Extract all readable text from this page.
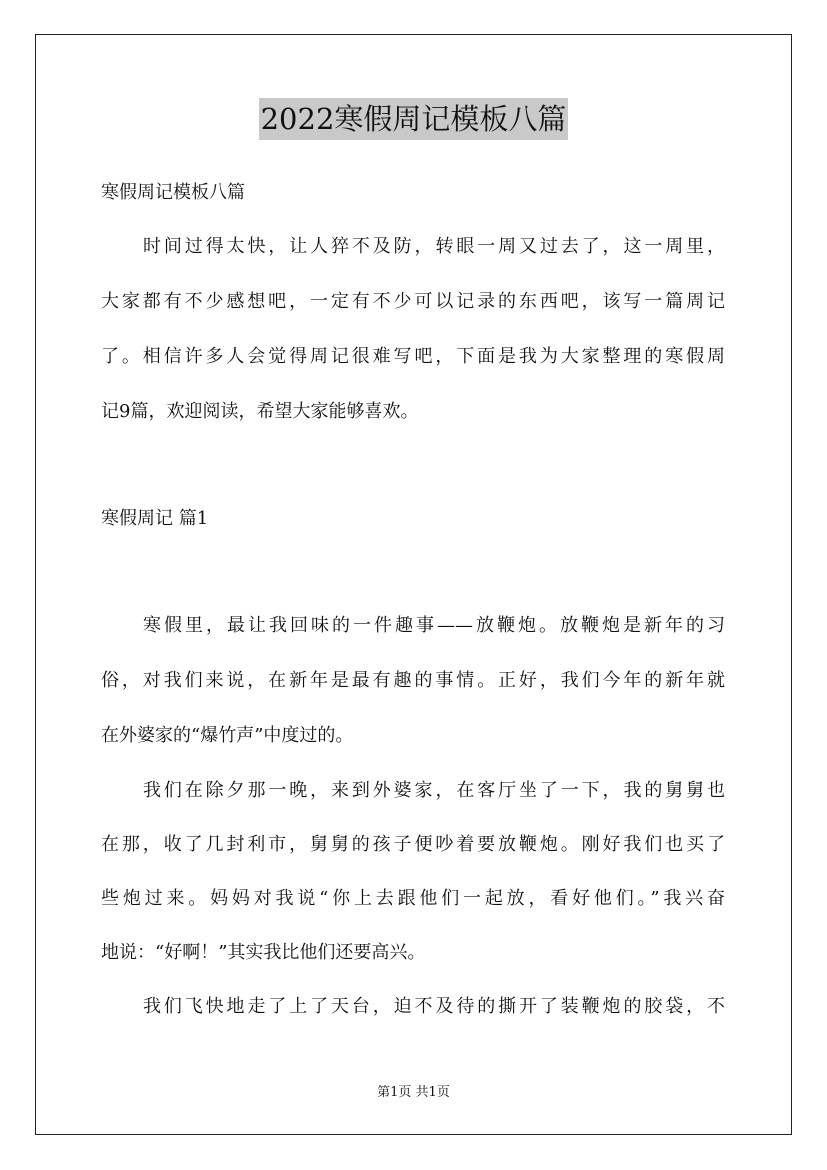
2022寒假周记模板八篇
寒假周记模板八篇
时间过得太快，让人猝不及防，转眼一周又过去了，这一周里，
大家都有不少感想吧，一定有不少可以记录的东西吧，该写一篇周记
了。相信许多人会觉得周记很难写吧，下面是我为大家整理的寒假周
记9篇，欢迎阅读，希望大家能够喜欢。
寒假周记 篇1
寒假里，最让我回味的一件趣事——放鞭炮。放鞭炮是新年的习
俗，对我们来说，在新年是最有趣的事情。正好，我们今年的新年就
在外婆家的“爆竹声”中度过的。
我们在除夕那一晚，来到外婆家，在客厅坐了一下，我的舅舅也
在那，收了几封利市，舅舅的孩子便吵着要放鞭炮。刚好我们也买了
些炮过来。妈妈对我说“你上去跟他们一起放，看好他们。”我兴奋
地说：“好啊！”其实我比他们还要高兴。
我们飞快地走了上了天台，迫不及待的撕开了装鞭炮的胶袋，不
第1页 共1页
